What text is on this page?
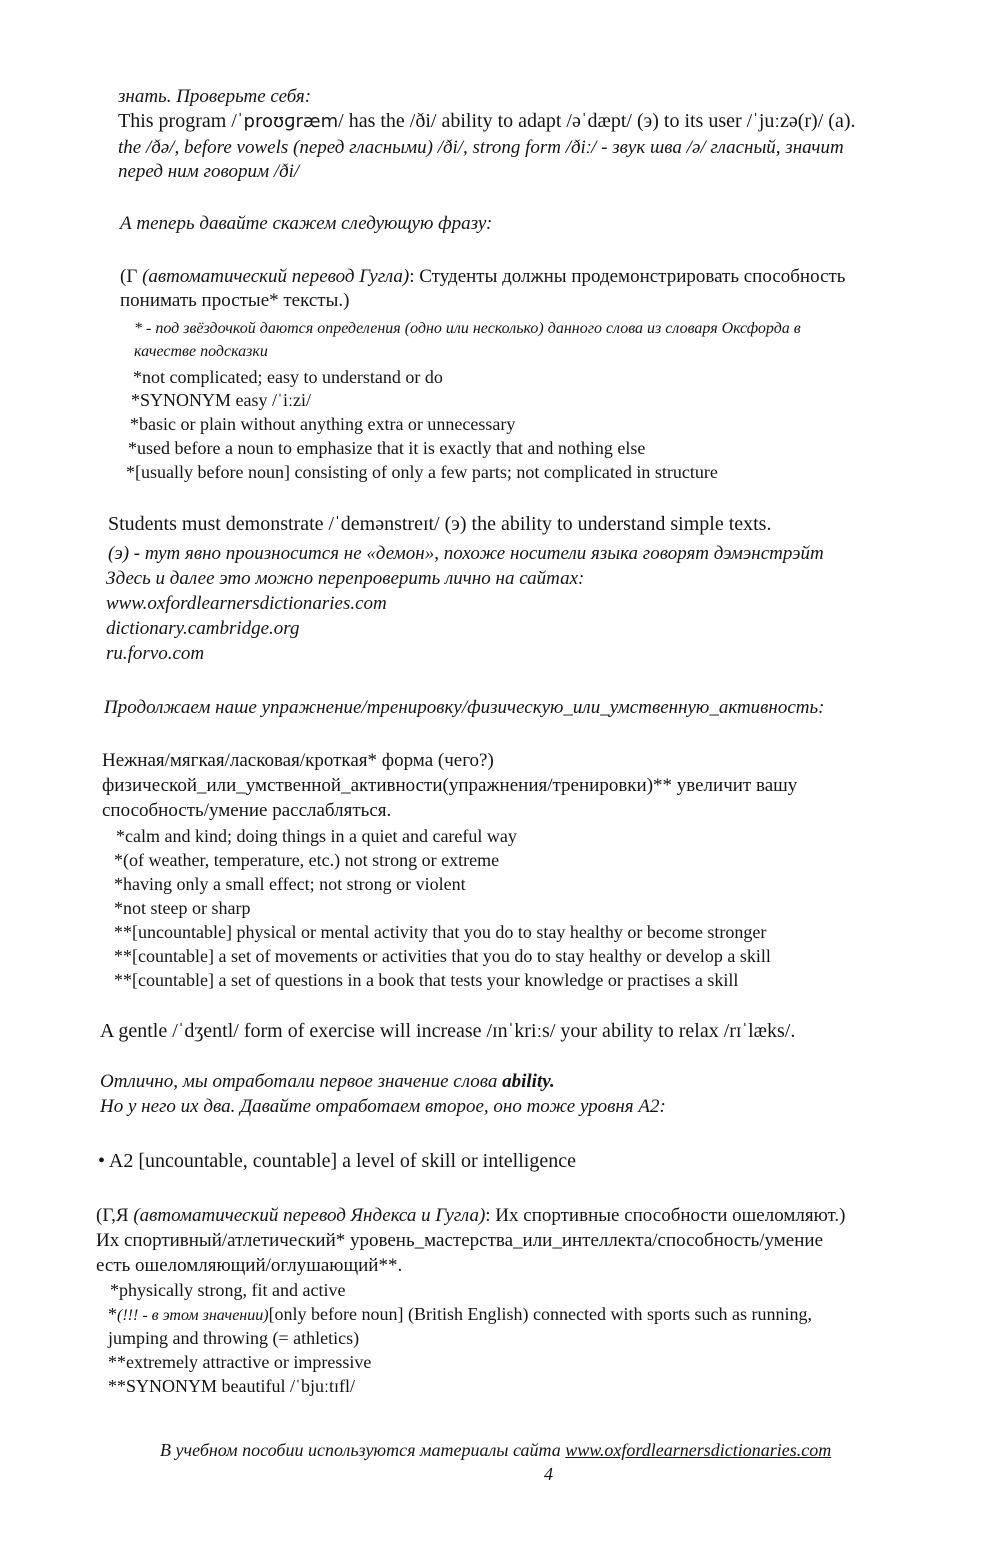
знать. Проверьте себя:
This program /ˈproʊɡræm/ has the /ði/ ability to adapt /əˈdæpt/ (э) to its user /ˈjuːzə(r)/ (a).
the /ðə/, before vowels (перед гласными) /ði/, strong form /ðiː/ - звук шва /ə/ гласный, значит
перед ним говорим /ði/
А теперь давайте скажем следующую фразу:
(Г (автоматический перевод Гугла): Студенты должны продемонстрировать способность
понимать простые* тексты.)
* - под звёздочкой даются определения (одно или несколько) данного слова из словаря Оксфорда в
качестве подсказки
*not complicated; easy to understand or do
*SYNONYM easy /ˈiːzi/
*basic or plain without anything extra or unnecessary
*used before a noun to emphasize that it is exactly that and nothing else
*[usually before noun] consisting of only a few parts; not complicated in structure
Students must demonstrate /ˈdemənstreɪt/ (э) the ability to understand simple texts.
(э) - тут явно произносится не «демон», похоже носители языка говорят дэмэнстрэйт
Здесь и далее это можно перепроверить лично на сайтах:
www.oxfordlearnersdictionaries.com
dictionary.cambridge.org
ru.forvo.com
Продолжаем наше упражнение/тренировку/физическую_или_умственную_активность:
Нежная/мягкая/ласковая/кроткая* форма (чего?)
физической_или_умственной_активности(упражнения/тренировки)** увеличит вашу
способность/умение расслабляться.
*calm and kind; doing things in a quiet and careful way
*(of weather, temperature, etc.) not strong or extreme
*having only a small effect; not strong or violent
*not steep or sharp
**[uncountable] physical or mental activity that you do to stay healthy or become stronger
**[countable] a set of movements or activities that you do to stay healthy or develop a skill
**[countable] a set of questions in a book that tests your knowledge or practises a skill
A gentle /ˈdʒentl/ form of exercise will increase /ɪnˈkriːs/ your ability to relax /rɪˈlæks/.
Отлично, мы отработали первое значение слова ability.
Но у него их два. Давайте отработаем второе, оно тоже уровня А2:
• A2 [uncountable, countable] a level of skill or intelligence
(Г,Я (автоматический перевод Яндекса и Гугла): Их спортивные способности ошеломляют.)
Их спортивный/атлетический* уровень_мастерства_или_интеллекта/способность/умение
есть ошеломляющий/оглушающий**.
*physically strong, fit and active
*(!!! - в этом значении)[only before noun] (British English) connected with sports such as running,
jumping and throwing (= athletics)
**extremely attractive or impressive
**SYNONYM beautiful /ˈbjuːtɪfl/
В учебном пособии используются материалы сайта www.oxfordlearnersdictionaries.com
4
